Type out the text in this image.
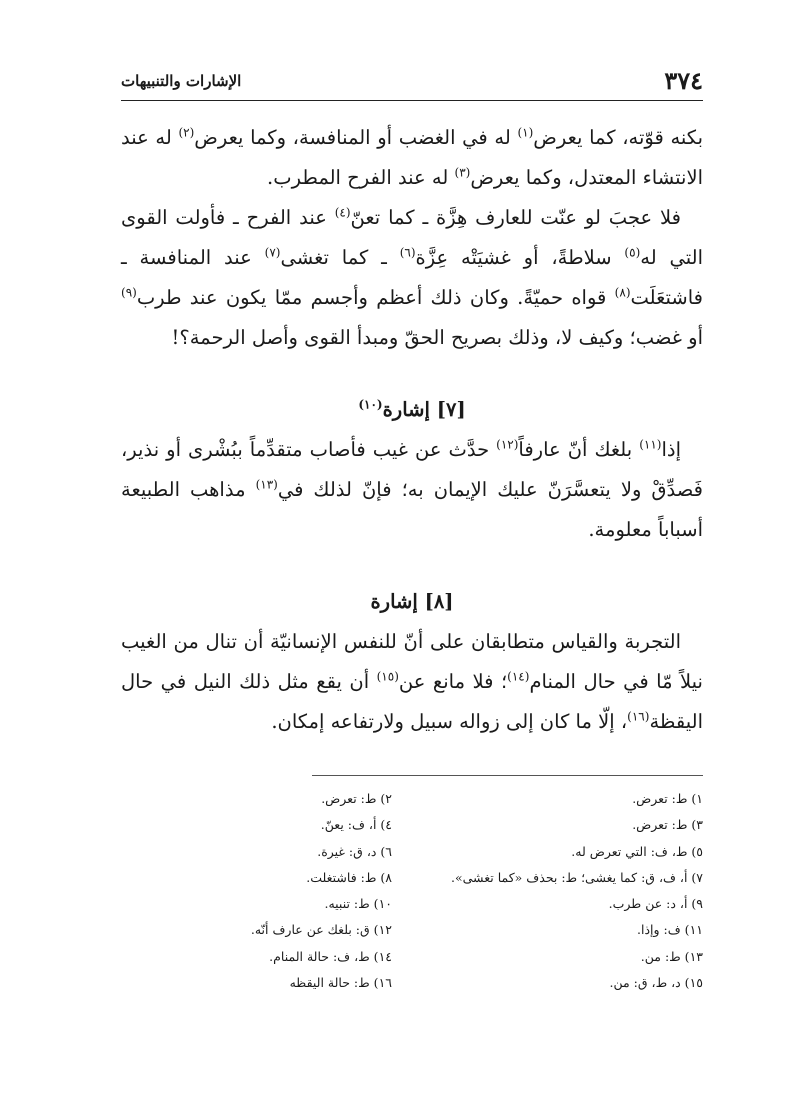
٣٧٤
الإشارات والتنبيهات

بكنه قوّته، كما يعرض$^{(١)}$ له في الغضب أو المنافسة، وكما يعرض$^{(٢)}$ له عند الانتشاء المعتدل، وكما يعرض$^{(٣)}$ له عند الفرح المطرب.

فلا عجبَ لو عنّت للعارف هِزَّة ـ كما تعنّ$^{(٤)}$ عند الفرح ـ فأولت القوى التي له$^{(٥)}$ سلاطةً، أو غشيَتْه عِزَّة$^{(٦)}$ ـ كما تغشى$^{(٧)}$ عند المنافسة ـ فاشتعَلَت$^{(٨)}$ قواه حميّةً. وكان ذلك أعظم وأجسم ممّا يكون عند طرب$^{(٩)}$ أو غضب؛ وكيف لا، وذلك بصريح الحقّ ومبدأ القوى وأصل الرحمة؟!

[٧] إشارة$^{(١٠)}$

إذا$^{(١١)}$ بلغك أنّ عارفاً$^{(١٢)}$ حدَّث عن غيب فأصاب متقدِّماً ببُشْرى أو نذير، فَصدِّقْ ولا يتعسَّرَنّ عليك الإيمان به؛ فإنّ لذلك في$^{(١٣)}$ مذاهب الطبيعة أسباباً معلومة.

[٨] إشارة

التجربة والقياس متطابقان على أنّ للنفس الإنسانيّة أن تنال من الغيب نيلاً مّا في حال المنام$^{(١٤)}$؛ فلا مانع عن$^{(١٥)}$ أن يقع مثل ذلك النيل في حال اليقظة$^{(١٦)}$، إلّا ما كان إلى زواله سبيل ولارتفاعه إمكان.

١) ط: تعرض.
٢) ط: تعرض.
٣) ط: تعرض.
٤) أ، ف: يعنّ.
٥) ط، ف: التي تعرض له.
٦) د، ق: غيرة.
٧) أ، ف، ق: كما يغشى؛ ط: بحذف «كما تغشى».
٨) ط: فاشتغلت.
٩) أ، د: عن طرب.
١٠) ط: تنبيه.
١١) ف: وإذا.
١٢) ق: بلغك عن عارف أنّه.
١٣) ط: من.
١٤) ط، ف: حالة المنام.
١٥) د، ط، ق: من.
١٦) ط: حالة اليقظه
